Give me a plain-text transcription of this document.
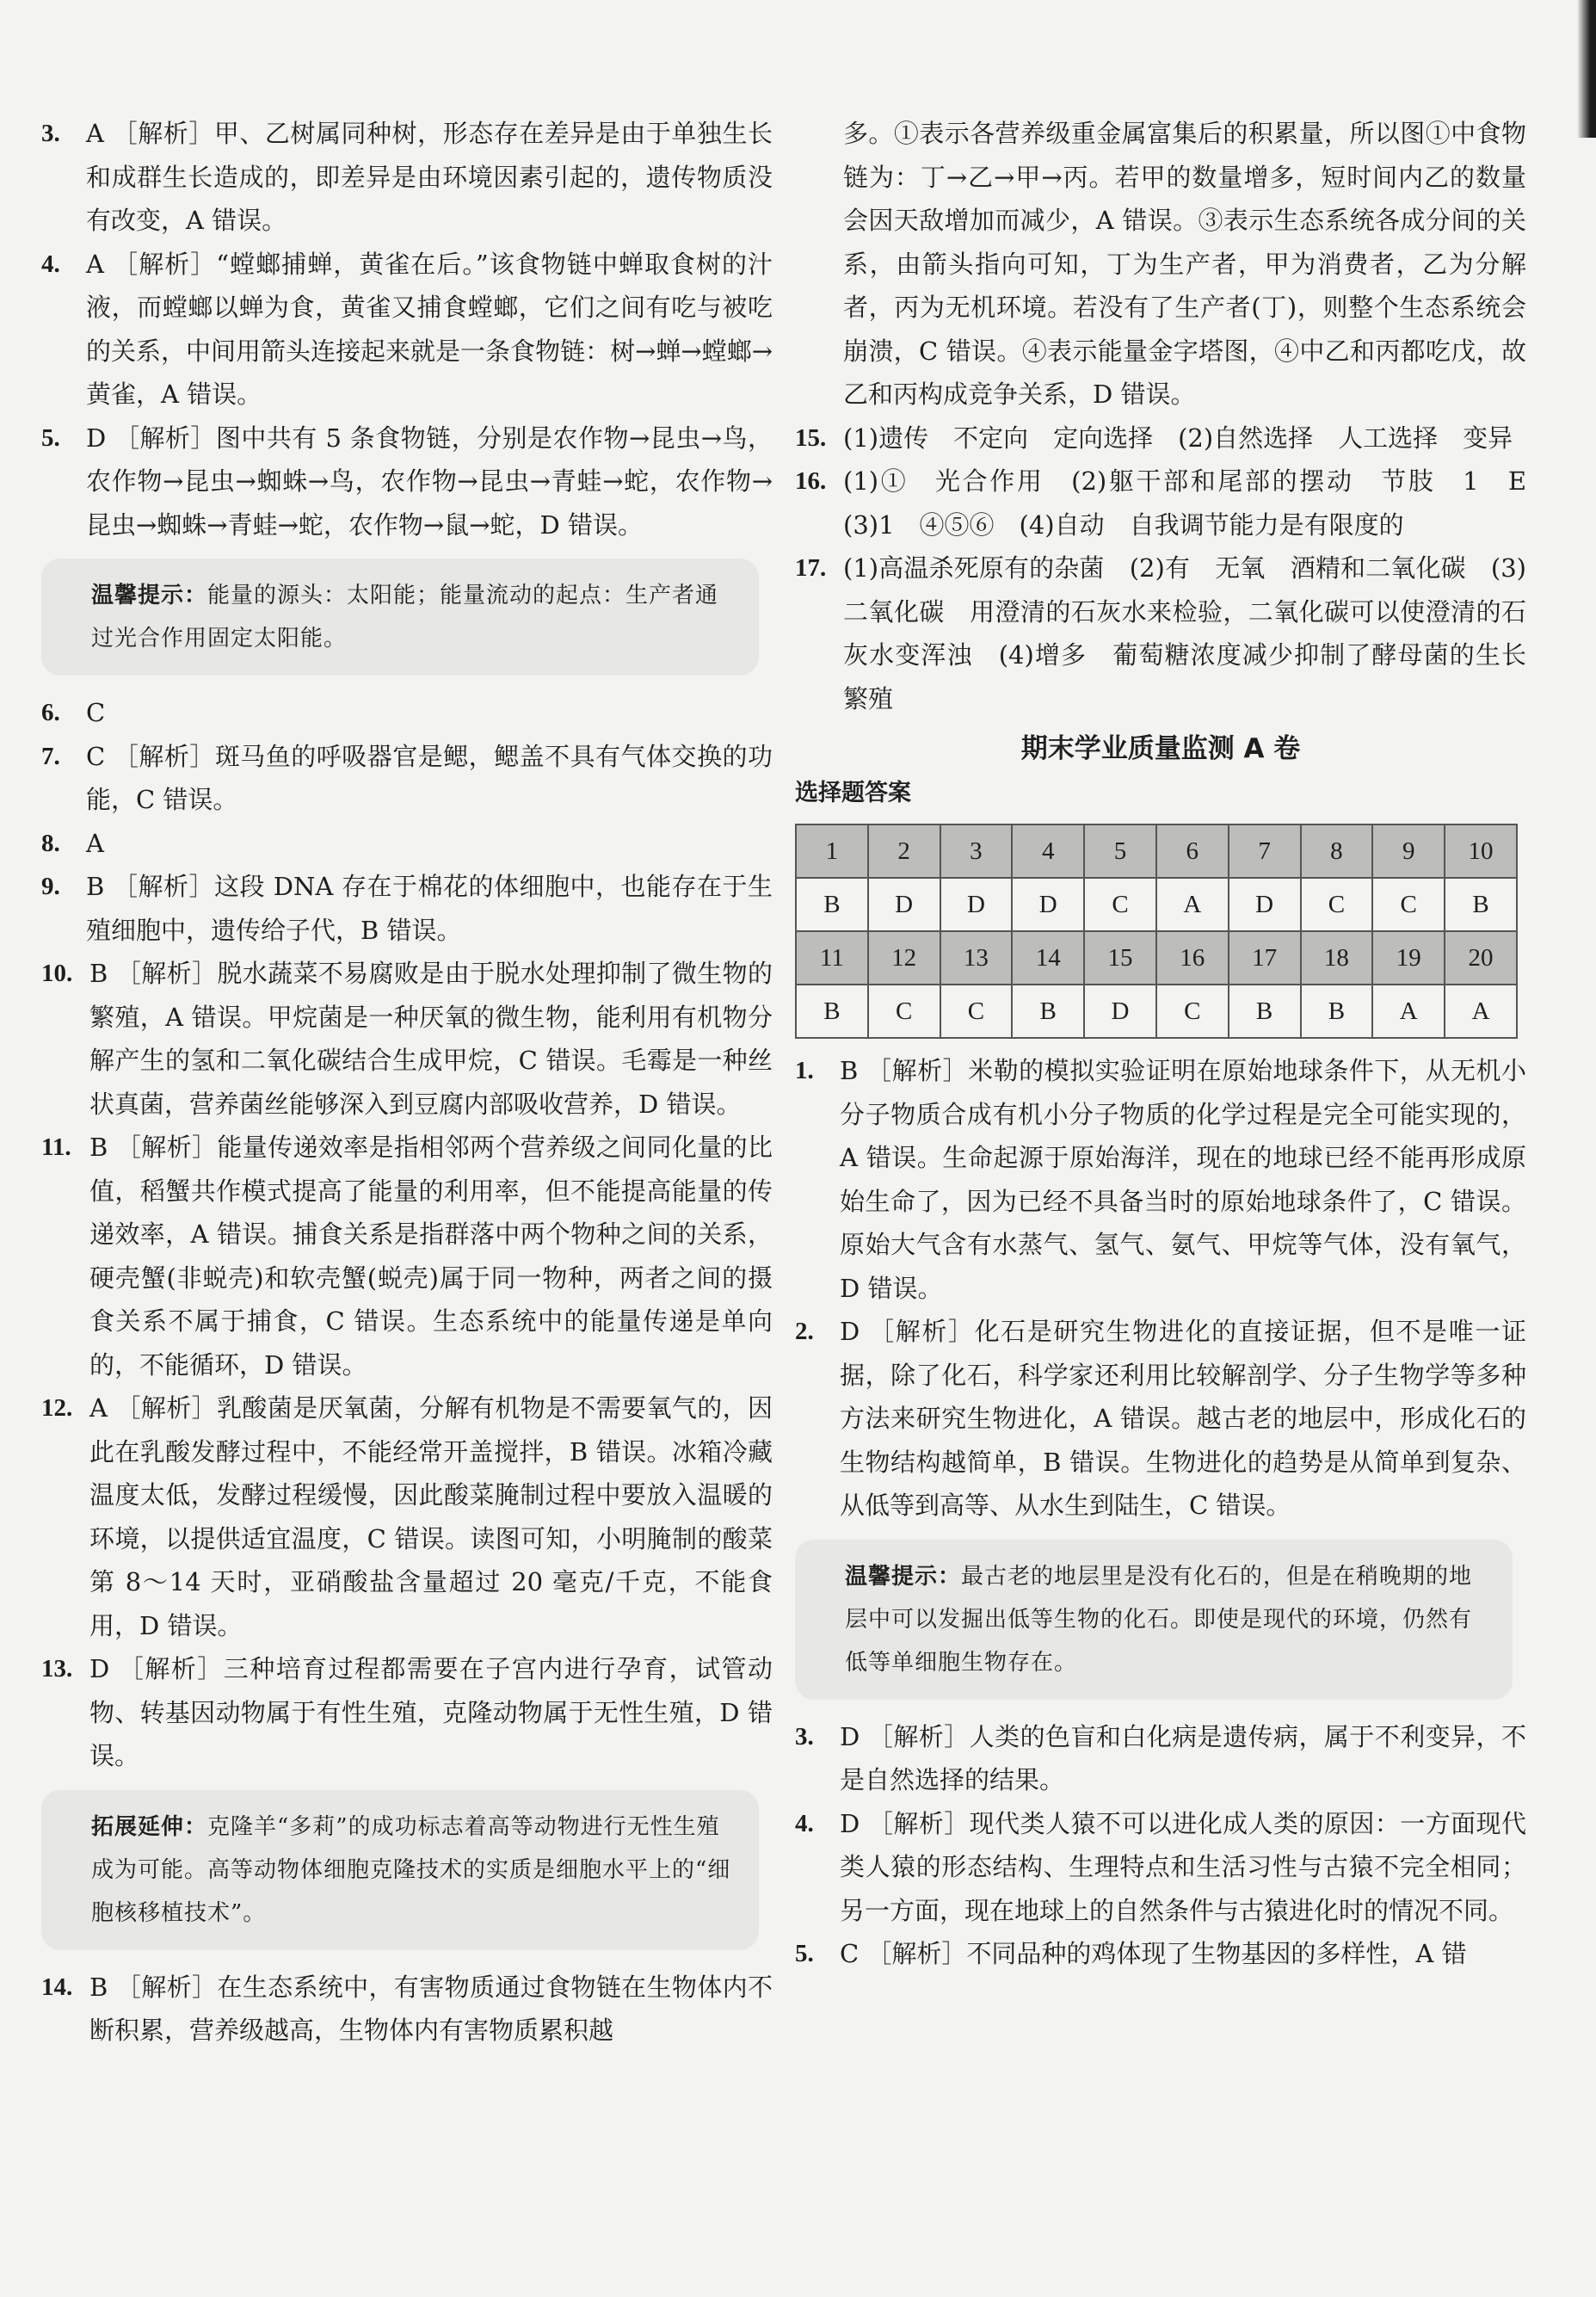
3.	A ［解析］甲、乙树属同种树，形态存在差异是由于单独生长和成群生长造成的，即差异是由环境因素引起的，遗传物质没有改变，A 错误。
4.	A ［解析］“螳螂捕蝉，黄雀在后。”该食物链中蝉取食树的汁液，而螳螂以蝉为食，黄雀又捕食螳螂，它们之间有吃与被吃的关系，中间用箭头连接起来就是一条食物链：树→蝉→螳螂→黄雀，A 错误。
5.	D ［解析］图中共有 5 条食物链，分别是农作物→昆虫→鸟，农作物→昆虫→蜘蛛→鸟，农作物→昆虫→青蛙→蛇，农作物→昆虫→蜘蛛→青蛙→蛇，农作物→鼠→蛇，D 错误。
温馨提示：能量的源头：太阳能；能量流动的起点：生产者通过光合作用固定太阳能。
6.	C
7.	C ［解析］斑马鱼的呼吸器官是鳃，鳃盖不具有气体交换的功能，C 错误。
8.	A
9.	B ［解析］这段 DNA 存在于棉花的体细胞中，也能存在于生殖细胞中，遗传给子代，B 错误。
10. B ［解析］脱水蔬菜不易腐败是由于脱水处理抑制了微生物的繁殖，A 错误。甲烷菌是一种厌氧的微生物，能利用有机物分解产生的氢和二氧化碳结合生成甲烷，C 错误。毛霉是一种丝状真菌，营养菌丝能够深入到豆腐内部吸收营养，D 错误。
11. B ［解析］能量传递效率是指相邻两个营养级之间同化量的比值，稻蟹共作模式提高了能量的利用率，但不能提高能量的传递效率，A 错误。捕食关系是指群落中两个物种之间的关系，硬壳蟹(非蜕壳)和软壳蟹(蜕壳)属于同一物种，两者之间的摄食关系不属于捕食，C 错误。生态系统中的能量传递是单向的，不能循环，D 错误。
12. A ［解析］乳酸菌是厌氧菌，分解有机物是不需要氧气的，因此在乳酸发酵过程中，不能经常开盖搅拌，B 错误。冰箱冷藏温度太低，发酵过程缓慢，因此酸菜腌制过程中要放入温暖的环境，以提供适宜温度，C 错误。读图可知，小明腌制的酸菜第 8～14 天时，亚硝酸盐含量超过 20 毫克/千克，不能食用，D 错误。
13. D ［解析］三种培育过程都需要在子宫内进行孕育，试管动物、转基因动物属于有性生殖，克隆动物属于无性生殖，D 错误。
拓展延伸：克隆羊“多莉”的成功标志着高等动物进行无性生殖成为可能。高等动物体细胞克隆技术的实质是细胞水平上的“细胞核移植技术”。
14. B ［解析］在生态系统中，有害物质通过食物链在生物体内不断积累，营养级越高，生物体内有害物质累积越
多。①表示各营养级重金属富集后的积累量，所以图①中食物链为：丁→乙→甲→丙。若甲的数量增多，短时间内乙的数量会因天敌增加而减少，A 错误。③表示生态系统各成分间的关系，由箭头指向可知，丁为生产者，甲为消费者，乙为分解者，丙为无机环境。若没有了生产者(丁)，则整个生态系统会崩溃，C 错误。④表示能量金字塔图，④中乙和丙都吃戊，故乙和丙构成竞争关系，D 错误。
15. (1)遗传　不定向　定向选择　(2)自然选择　人工选择　变异
16. (1)①　光合作用　(2)躯干部和尾部的摆动　节肢　1　E　(3)1　④⑤⑥　(4)自动　自我调节能力是有限度的
17. (1)高温杀死原有的杂菌　(2)有　无氧　酒精和二氧化碳　(3)二氧化碳　用澄清的石灰水来检验，二氧化碳可以使澄清的石灰水变浑浊　(4)增多　葡萄糖浓度减少抑制了酵母菌的生长繁殖
期末学业质量监测 A 卷
选择题答案
1	2	3	4	5	6	7	8	9	10
B	D	D	D	C	A	D	C	C	B
11	12	13	14	15	16	17	18	19	20
B	C	C	B	D	C	B	B	A	A
1.	B ［解析］米勒的模拟实验证明在原始地球条件下，从无机小分子物质合成有机小分子物质的化学过程是完全可能实现的，A 错误。生命起源于原始海洋，现在的地球已经不能再形成原始生命了，因为已经不具备当时的原始地球条件了，C 错误。原始大气含有水蒸气、氢气、氨气、甲烷等气体，没有氧气，D 错误。
2.	D ［解析］化石是研究生物进化的直接证据，但不是唯一证据，除了化石，科学家还利用比较解剖学、分子生物学等多种方法来研究生物进化，A 错误。越古老的地层中，形成化石的生物结构越简单，B 错误。生物进化的趋势是从简单到复杂、从低等到高等、从水生到陆生，C 错误。
温馨提示：最古老的地层里是没有化石的，但是在稍晚期的地层中可以发掘出低等生物的化石。即使是现代的环境，仍然有低等单细胞生物存在。
3.	D ［解析］人类的色盲和白化病是遗传病，属于不利变异，不是自然选择的结果。
4.	D ［解析］现代类人猿不可以进化成人类的原因：一方面现代类人猿的形态结构、生理特点和生活习性与古猿不完全相同；另一方面，现在地球上的自然条件与古猿进化时的情况不同。
5.	C ［解析］不同品种的鸡体现了生物基因的多样性，A 错
